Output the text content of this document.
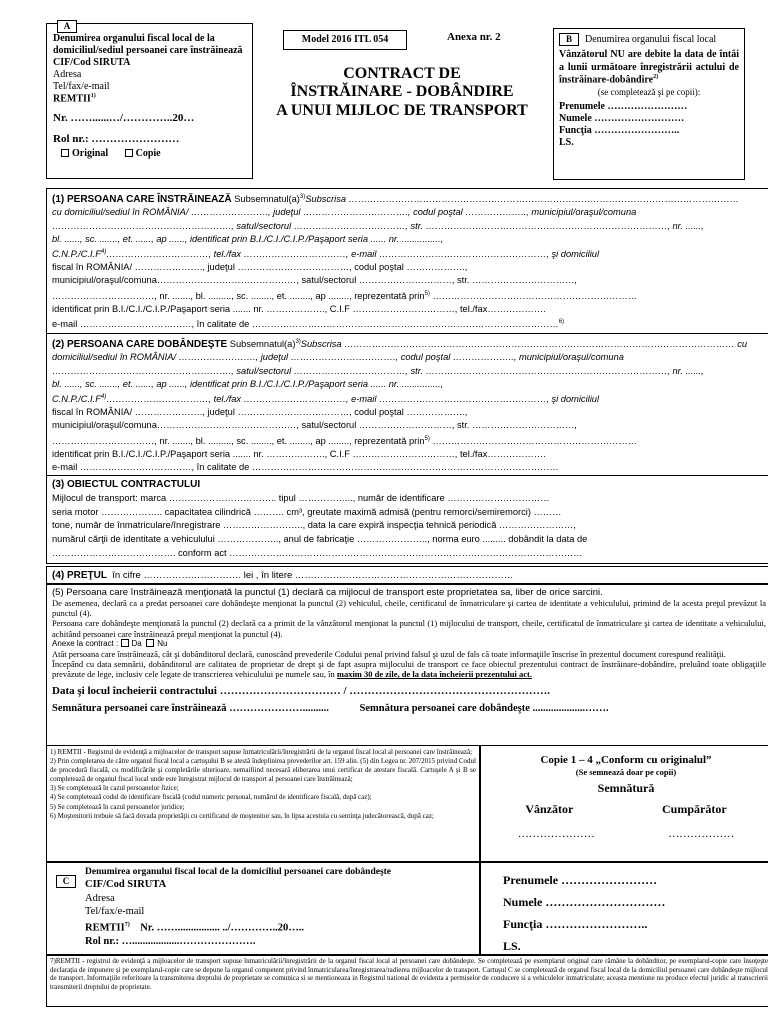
A
Denumirea organului fiscal local de la domiciliul/sediul persoanei care înstrăinează
CIF/Cod SIRUTA
Adresa
Tel/fax/e-mail
REMTII$^{1)}$
Nr. ……......…/…………..20…
Rol nr.: ……………………
Original	Copie
Model 2016 ITL 054	Anexa nr. 2
CONTRACT DE
ÎNSTRĂINARE - DOBÂNDIRE
A UNUI MIJLOC DE TRANSPORT
B	Denumirea organului fiscal local
Vânzătorul NU are debite la data de întâi a lunii următoare înregistrării actului de înstrăinare-dobândire$^{2)}$
(se completează şi pe copii):
Prenumele ……………………
Numele ………………………
Funcţia ……………………..
LS.
(1) PERSOANA CARE ÎNSTRĂINEAZĂ $Subsemnatul(a)^{3)}Subscrisa$ ………………………………………………………………………………………………………………
cu domiciliul/sediul în ROMÂNIA/ ……………………., judeţul ……………………………., codul poştal ……………….., municipiul/oraşul/comuna
…………………………………………………., satul/sectorul ………………………………, str. ……………………………………………………………………, nr. ......,
bl. ......, sc. ......., et. ......, ap ......, identificat prin B.I./C.I./C.I.P./Paşaport seria ...... nr. ...............,
$C.N.P./C.I.F^{4)}\dots\dots\dots\dots\dots\dots\dots\dots\dots\dots\dots$, tel./fax ……………………………, e-mail ………………………………………………, şi domiciliul
fiscal în ROMÂNIA/ …………………., judeţul ………………………………, codul poştal ……………….,
municipiul/oraşul/comuna………………………………………, satul/sectorul …………………………, str. ……………………………,
……………………………, nr. ......., bl. ........., sc. ........, et. ........, ap ........, reprezentată prin$^{5)}$ …………………………………………………………
identificat prin B.I./C.I./C.I.P./Paşaport seria ....... nr. ………………., C.I.F ……………………………, tel./fax……………….
e-mail ………………………………, în calitate de ………………………………………………………………………………………$^{6)}$
(2) PERSOANA CARE DOBÂNDEŞTE $Subsemnatul(a)^{3)}Subscrisa$ ……………………………………………………………………………………………………………… cu
domiciliul/sediul în ROMÂNIA/ ……………………., judeţul ……………………………., codul poştal ……………….., municipiul/oraşul/comuna
…………………………………………………., satul/sectorul ………………………………, str. ……………………………………………………………………, nr. ......,
bl. ......, sc. ......., et. ......, ap ......, identificat prin B.I./C.I./C.I.P./Paşaport seria ...... nr. ...............,
$C.N.P./C.I.F^{4)}\dots\dots\dots\dots\dots\dots\dots\dots\dots\dots\dots$, tel./fax ……………………………, e-mail ………………………………………………, şi domiciliul
fiscal în ROMÂNIA/ …………………., judeţul ………………………………, codul poştal ……………….,
municipiul/oraşul/comuna………………………………………, satul/sectorul …………………………, str. ……………………………,
……………………………, nr. ......., bl. ........., sc. ........, et. ........, ap ........, reprezentată prin$^{5)}$ …………………………………………………………
identificat prin B.I./C.I./C.I.P./Paşaport seria ....... nr. ………………., C.I.F ……………………………, tel./fax……………….
e-mail ………………………………, în calitate de ………………………………………………………………………………………
(3) OBIECTUL CONTRACTULUI
Mijlocul de transport: marca …………………………….. tipul ……………..., număr de identificare ……………………………
seria motor ……………….. capacitatea cilindrică ………. cm³, greutate maximă admisă (pentru remorci/semiremorci) ………
tone, număr de înmatriculare/înregistrare …………………….., data la care expiră inspecţia tehnică periodică ……………………,
numărul cărţii de identitate a vehiculului ……………….., anul de fabricaţie ………………….., norma euro ......... dobândit la data de
…………………………………. conform act ……………………………………………………………………………………………………
(4) PREŢUL în cifre …………………………. lei , în litere ……………………………………………………………
(5) Persoana care înstrăinează menţionată la punctul (1) declară ca mijlocul de transport este proprietatea sa, liber de orice sarcini.
De asemenea, declară ca a predat persoanei care dobândeşte menţionat la punctul (2) vehiculul, cheile, certificatul de înmatriculare şi cartea de identitate a vehiculului, primind de la acesta preţul prevăzut la punctul (4).
Persoana care dobândeşte menţionată la punctul (2) declară ca a primit de la vânzătorul menţionat la punctul (1) mijlocului de transport, cheile, certificatul de înmatriculare şi cartea de identitate a vehiculului, achitând persoanei care înstrăinează preţul menţionat la punctul (4).
Anexe la contract : Da Nu
Atât persoana care înstrăinează, cât şi dobânditorul declară, cunoscând prevederile Codului penal privind falsul şi uzul de fals că toate informaţiile înscrise în prezentul document corespund realităţii.
Începând cu data semnării, dobânditorul are calitatea de proprietar de drept şi de fapt asupra mijlocului de transport ce face obiectul prezentului contract de înstrăinare-dobândire, preluând toate obligaţiile prevăzute de lege, inclusiv cele legate de transcrierea vehiculului pe numele sau, în maxim 30 de zile, de la data încheierii prezentului act.
Data şi locul încheierii contractului …………………………… / ……………………………………………….
Semnătura persoanei care înstrăinează …………………..........	Semnătura persoanei care dobândeşte ....................…….
1) REMTII - Registrul de evidenţă a mijloacelor de transport supuse înmatriculării/înregistrării de la organul fiscal local al persoanei care înstrăinează;
2) Prin completarea de către organul fiscal local a cartuşului B se atestă îndeplinirea prevederilor art. 159 alin. (5) din Legea nr. 207/2015 privind Codul de procedură fiscală, cu modificările şi completările ulterioare, nemaifiind necesară eliberarea unui certificat de atestare fiscală. Cartuşele A şi B se completează de organul fiscal local unde este înregistrat mijlocul de transport al persoanei care înstrăinează;
3) Se completează în cazul persoanelor fizice;
4) Se completează codul de identificare fiscală (codul numeric personal, numărul de identificare fiscală, după caz);
5) Se completează în cazul persoanelor juridice;
6) Moştenitorii trebuie să facă dovada proprietăţii cu certificatul de moştenitor sau, în lipsa acestuia cu sentinţa judecătorească, după caz;
Copie 1 – 4 „Conform cu originalul”
(Se semnează doar pe copii)
Semnătură
Vânzător	Cumpărător
…………………	………………
C
Denumirea organului fiscal local de la domiciliul persoanei care dobândeşte
CIF/Cod SIRUTA
Adresa
Tel/fax/e-mail
REMTII$^{7)}$ Nr. ……................ ../…………..20…..
Rol nr.: …..................………………….
Prenumele ……………………
Numele …………………………
Funcţia ……………………..
LS.
7)REMTII - registrul de evidenţă a mijloacelor de transport supuse înmatriculării/înregistrării de la organul fiscal local al persoanei care dobândeşte. Se completează pe exemplarul original care rămâne la dobânditor, pe exemplarul-copie care însoţeşte declaraţia de impunere şi pe exemplarul-copie care se depune la organul competent privind înmatricularea/înregistrarea/radierea mijloacelor de transport. Cartuşul C se completează de organul fiscal local de la domiciliul persoanei care dobândeşte mijlocul de transport. Informaţiile referitoare la transmiterea dreptului de proprietate se comunica si se mentioneaza in Registrul national de evidenta a permiselor de conducere si a vehiculelor inmatriculate; aceasta mentiune nu produce efectul juridic al transcrierii transmiterii dreptului de proprietate.
